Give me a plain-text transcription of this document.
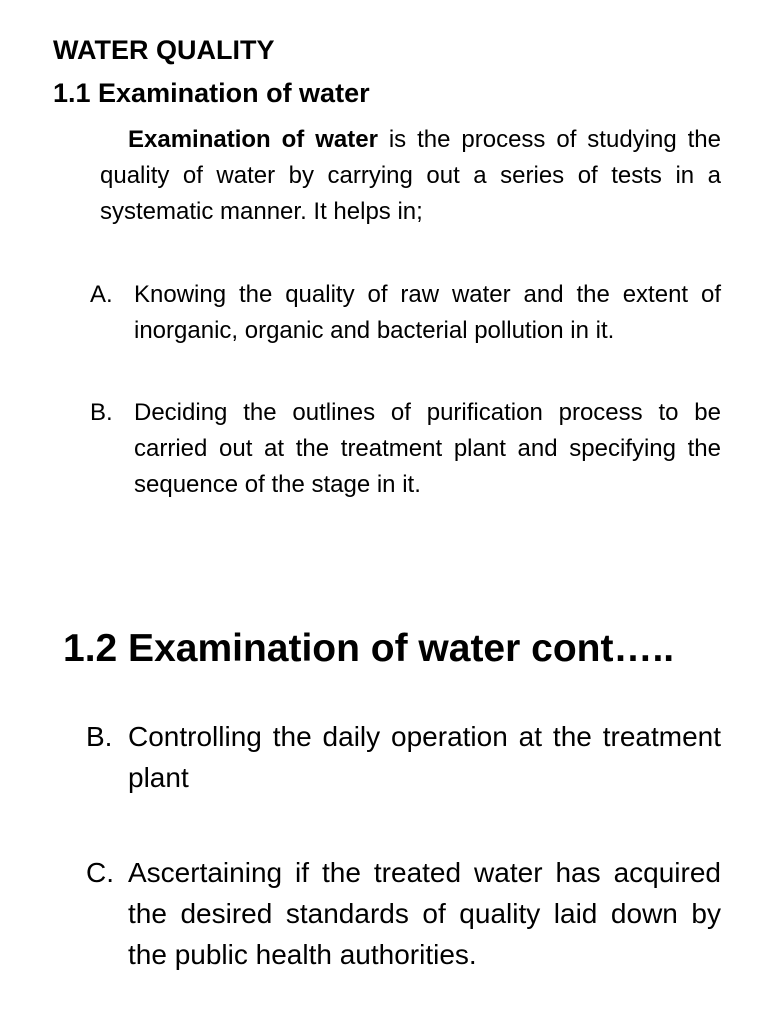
WATER QUALITY
1.1 Examination of water

Examination of water is the process of studying the quality of water by carrying out a series of tests in a systematic manner. It helps in;

A. Knowing the quality of raw water and the extent of inorganic, organic and bacterial pollution in it.
B. Deciding the outlines of purification process to be carried out at the treatment plant and specifying the sequence of the stage in it.
1.2 Examination of water cont…..
B. Controlling the daily operation at the treatment plant
C. Ascertaining if the treated water has acquired the desired standards of quality laid down by the public health authorities.
